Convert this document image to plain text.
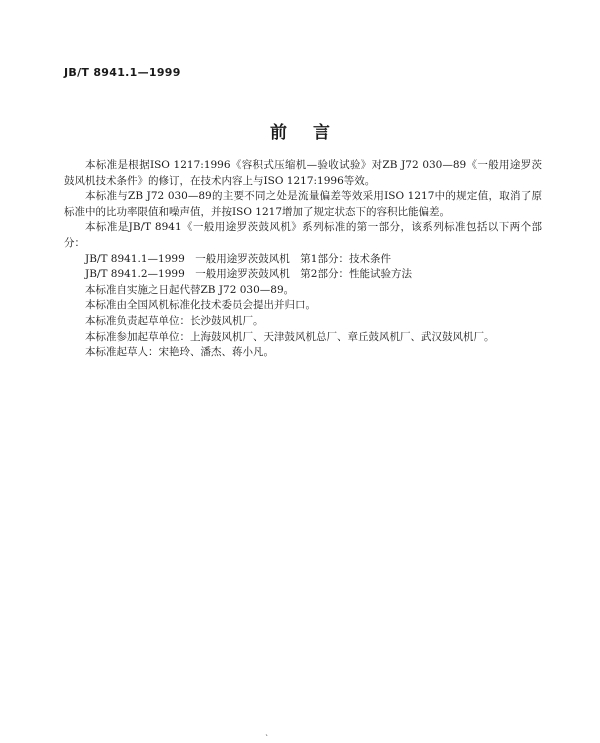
JB/T 8941.1—1999
前言

本标准是根据ISO 1217:1996《容积式压缩机—验收试验》对ZB J72 030—89《一般用途罗茨鼓风机技术条件》的修订，在技术内容上与ISO 1217:1996等效。

本标准与ZB J72 030—89的主要不同之处是流量偏差等效采用ISO 1217中的规定值，取消了原标准中的比功率限值和噪声值，并按ISO 1217增加了规定状态下的容积比能偏差。

本标准是JB/T 8941《一般用途罗茨鼓风机》系列标准的第一部分，该系列标准包括以下两个部分：

JB/T 8941.1—1999　一般用途罗茨鼓风机　第1部分：技术条件

JB/T 8941.2—1999　一般用途罗茨鼓风机　第2部分：性能试验方法

本标准自实施之日起代替ZB J72 030—89。

本标准由全国风机标准化技术委员会提出并归口。

本标准负责起草单位：长沙鼓风机厂。

本标准参加起草单位：上海鼓风机厂、天津鼓风机总厂、章丘鼓风机厂、武汉鼓风机厂。

本标准起草人：宋艳玲、潘杰、蒋小凡。

`
